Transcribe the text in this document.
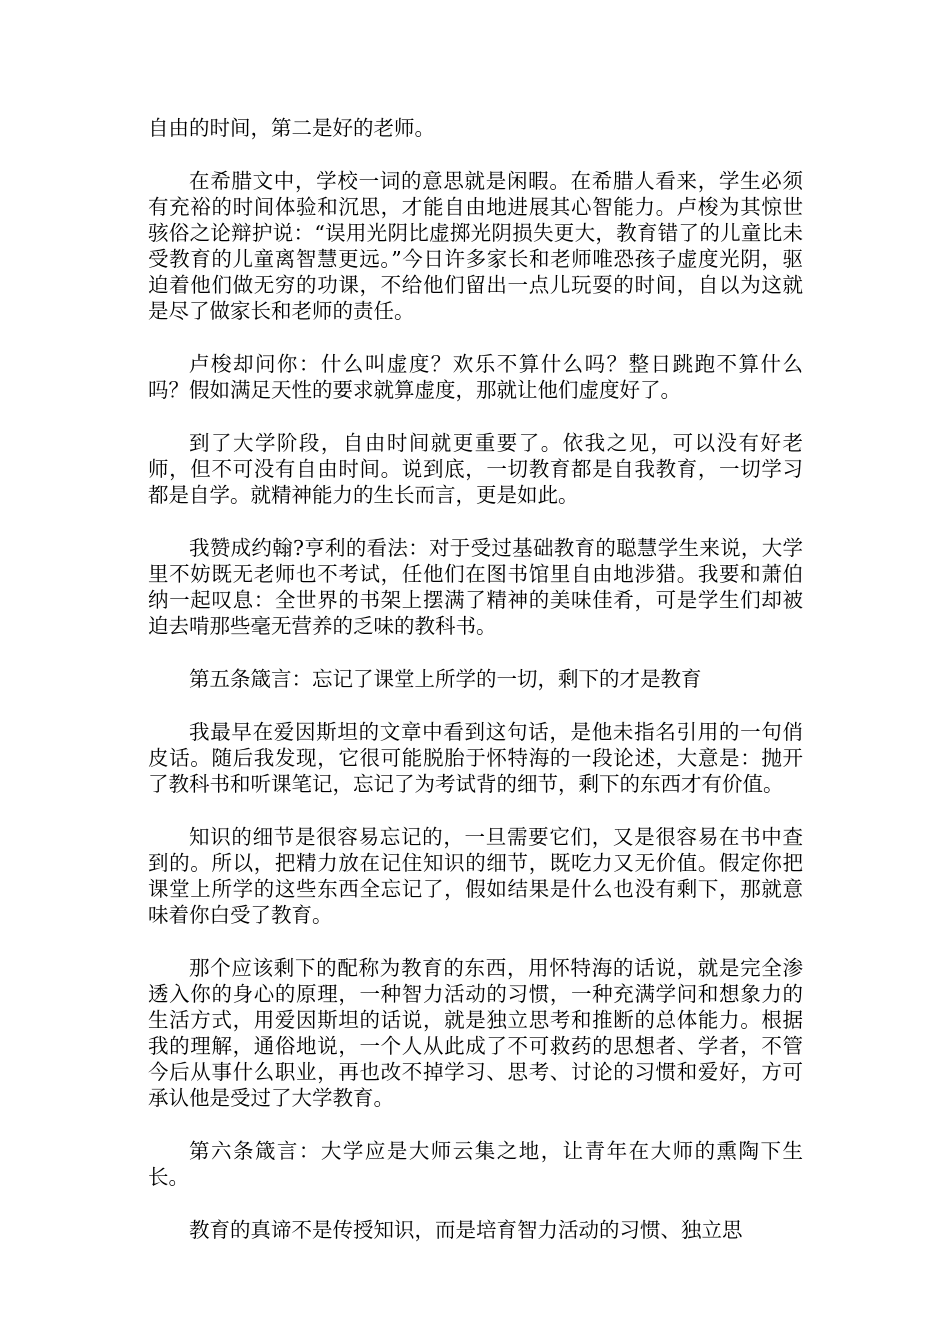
自由的时间，第二是好的老师。

在希腊文中，学校一词的意思就是闲暇。在希腊人看来，学生必须有充裕的时间体验和沉思，才能自由地进展其心智能力。卢梭为其惊世骇俗之论辩护说：“误用光阴比虚掷光阴损失更大，教育错了的儿童比未受教育的儿童离智慧更远。”今日许多家长和老师唯恐孩子虚度光阴，驱迫着他们做无穷的功课，不给他们留出一点儿玩耍的时间，自以为这就是尽了做家长和老师的责任。

卢梭却问你：什么叫虚度？欢乐不算什么吗？整日跳跑不算什么吗？假如满足天性的要求就算虚度，那就让他们虚度好了。

到了大学阶段，自由时间就更重要了。依我之见，可以没有好老师，但不可没有自由时间。说到底，一切教育都是自我教育，一切学习都是自学。就精神能力的生长而言，更是如此。

我赞成约翰?亨利的看法：对于受过基础教育的聪慧学生来说，大学里不妨既无老师也不考试，任他们在图书馆里自由地涉猎。我要和萧伯纳一起叹息：全世界的书架上摆满了精神的美味佳肴，可是学生们却被迫去啃那些毫无营养的乏味的教科书。

第五条箴言：忘记了课堂上所学的一切，剩下的才是教育

我最早在爱因斯坦的文章中看到这句话，是他未指名引用的一句俏皮话。随后我发现，它很可能脱胎于怀特海的一段论述，大意是：抛开了教科书和听课笔记，忘记了为考试背的细节，剩下的东西才有价值。

知识的细节是很容易忘记的，一旦需要它们，又是很容易在书中查到的。所以，把精力放在记住知识的细节，既吃力又无价值。假定你把课堂上所学的这些东西全忘记了，假如结果是什么也没有剩下，那就意味着你白受了教育。

那个应该剩下的配称为教育的东西，用怀特海的话说，就是完全渗透入你的身心的原理，一种智力活动的习惯，一种充满学问和想象力的生活方式，用爱因斯坦的话说，就是独立思考和推断的总体能力。根据我的理解，通俗地说，一个人从此成了不可救药的思想者、学者，不管今后从事什么职业，再也改不掉学习、思考、讨论的习惯和爱好，方可承认他是受过了大学教育。

第六条箴言：大学应是大师云集之地，让青年在大师的熏陶下生长。

教育的真谛不是传授知识，而是培育智力活动的习惯、独立思
